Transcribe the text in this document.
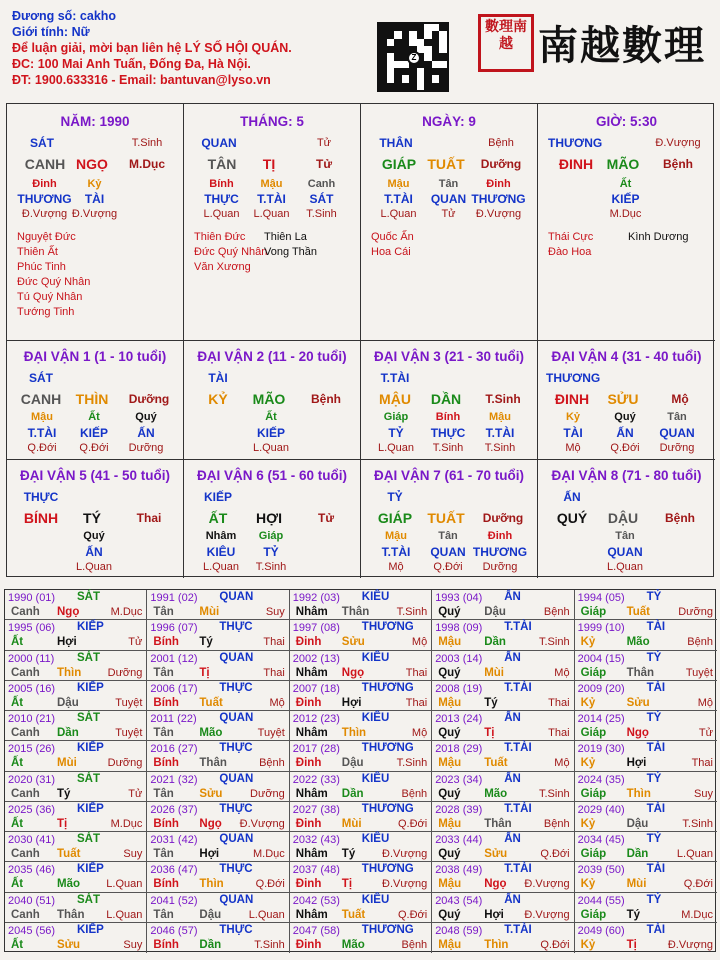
Đương số: cakho
Giới tính: Nữ
Để luận giải, mời bạn liên hệ LÝ SỐ HỘI QUÁN.
ĐC: 100 Mai Anh Tuấn, Đống Đa, Hà Nội.
ĐT: 1900.633316 - Email: bantuvan@lyso.vn
Z
數理南越 南越數理
NĂM: 1990
SÁT	T.Sinh
CANH NGỌ	M.Dục
Đinh
THƯƠNG
Đ.Vượng
Kỷ
TÀI
Đ.Vượng
Nguyệt Đức
Thiên Ất
Phúc Tinh
Đức Quý Nhân
Tú Quý Nhân
Tướng Tinh
THÁNG: 5
QUAN	Tử
TÂN	TỊ	Tử
Bính
THỰC
L.Quan
Mậu
T.TÀI
L.Quan
Canh
SÁT
T.Sinh
Thiên Đức
Đức Quý Nhân
Văn Xương
Thiên La
Vong Thần
NGÀY: 9
THÂN	Bệnh
GIÁP TUẤT	Dưỡng
Mậu
T.TÀI
L.Quan
Tân
QUAN
Tử
Đinh
THƯƠNG
Đ.Vượng
Quốc Ấn
Hoa Cái
GIỜ: 5:30
THƯƠNG	Đ.Vượng
ĐINH MÃO	Bệnh
Ất
KIẾP
M.Dục
Thái Cực
Đào Hoa
Kình Dương
ĐẠI VẬN 1 (1 - 10 tuổi)
SÁT
CANH	THÌN	Dưỡng
Mậu
T.TÀI
Q.Đới
Ất
KIẾP
Q.Đới
Quý
ẤN
Dưỡng
ĐẠI VẬN 2 (11 - 20 tuổi)
TÀI
KỶ	MÃO	Bệnh
Ất
KIẾP
L.Quan
ĐẠI VẬN 3 (21 - 30 tuổi)
T.TÀI
MẬU	DẦN	T.Sinh
Giáp
TỶ
L.Quan
Bính
THỰC
T.Sinh
Mậu
T.TÀI
T.Sinh
ĐẠI VẬN 4 (31 - 40 tuổi)
THƯƠNG
ĐINH	SỬU	Mộ
Kỷ
TÀI
Mộ
Quý
ẤN
Q.Đới
Tân
QUAN
Dưỡng
ĐẠI VẬN 5 (41 - 50 tuổi)
THỰC
BÍNH	TÝ	Thai
Quý
ẤN
L.Quan
ĐẠI VẬN 6 (51 - 60 tuổi)
KIẾP
ẤT	HỢI	Tử
Nhâm
KIÊU
L.Quan
Giáp
TỶ
T.Sinh
ĐẠI VẬN 7 (61 - 70 tuổi)
TỶ
GIÁP	TUẤT	Dưỡng
Mậu
T.TÀI
Mộ
Tân
QUAN
Q.Đới
Đinh
THƯƠNG
Dưỡng
ĐẠI VẬN 8 (71 - 80 tuổi)
ẤN
QUÝ	DẬU	Bệnh
Tân
QUAN
L.Quan
1990 (01) SÁT
Canh Ngọ	M.Dục
1991 (02) QUAN
Tân Mùi	Suy
1992 (03) KIÊU
Nhâm Thân T.Sinh
1993 (04) ẤN
Quý Dậu	Bệnh
1994 (05) TỶ
Giáp Tuất	Dưỡng
1995 (06) KIẾP
Ất	Hợi	Tử
1996 (07) THỰC
Bính Tý	Thai
1997 (08) THƯƠNG
Đinh Sửu	Mộ
1998 (09) T.TÀI
Mậu Dần	T.Sinh
1999 (10) TÀI
Kỷ	Mão	Bệnh
2000 (11) SÁT
Canh Thìn Dưỡng
2001 (12) QUAN
Tân Tị	Thai
2002 (13) KIÊU
Nhâm Ngọ	Thai
2003 (14) ẤN
Quý Mùi	Mộ
2004 (15) TỶ
Giáp Thân	Tuyệt
2005 (16) KIẾP
Ất	Dậu	Tuyệt
2006 (17) THỰC
Bính Tuất	Mộ
2007 (18) THƯƠNG
Đinh Hợi	Thai
2008 (19) T.TÀI
Mậu Tý	Thai
2009 (20) TÀI
Kỷ	Sửu	Mộ
2010 (21) SÁT
Canh Dần	Tuyệt
2011 (22) QUAN
Tân Mão	Tuyệt
2012 (23) KIÊU
Nhâm Thìn	Mộ
2013 (24) ẤN
Quý Tị	Thai
2014 (25) TỶ
Giáp Ngọ	Tử
2015 (26) KIẾP
Ất	Mùi	Dưỡng
2016 (27) THỰC
Bính Thân	Bệnh
2017 (28) THƯƠNG
Đinh Dậu	T.Sinh
2018 (29) T.TÀI
Mậu Tuất	Mộ
2019 (30) TÀI
Kỷ	Hợi	Thai
2020 (31) SÁT
Canh Tý	Tử
2021 (32) QUAN
Tân Sửu	Dưỡng
2022 (33) KIÊU
Nhâm Dần	Bệnh
2023 (34) ẤN
Quý Mão	T.Sinh
2024 (35) TỶ
Giáp Thìn	Suy
2025 (36) KIẾP
Ất	Tị	M.Dục
2026 (37) THỰC
Bính Ngọ Đ.Vượng
2027 (38) THƯƠNG
Đinh Mùi	Q.Đới
2028 (39) T.TÀI
Mậu Thân	Bệnh
2029 (40) TÀI
Kỷ	Dậu	T.Sinh
2030 (41) SÁT
Canh Tuất	Suy
2031 (42) QUAN
Tân Hợi	M.Dục
2032 (43) KIÊU
Nhâm Tý Đ.Vượng
2033 (44) ẤN
Quý Sửu	Q.Đới
2034 (45) TỶ
Giáp Dần	L.Quan
2035 (46) KIẾP
Ất	Mão L.Quan
2036 (47) THỰC
Bính Thìn	Q.Đới
2037 (48) THƯƠNG
Đinh Tị	Đ.Vượng
2038 (49) T.TÀI
Mậu Ngọ Đ.Vượng
2039 (50) TÀI
Kỷ	Mùi	Q.Đới
2040 (51) SÁT
Canh Thân L.Quan
2041 (52) QUAN
Tân Dậu	L.Quan
2042 (53) KIÊU
Nhâm Tuất	Q.Đới
2043 (54) ẤN
Quý Hợi Đ.Vượng
2044 (55) TỶ
Giáp Tý	M.Dục
2045 (56) KIẾP
Ất	Sửu	Suy
2046 (57) THỰC
Bính Dần	T.Sinh
2047 (58) THƯƠNG
Đinh Mão	Bệnh
2048 (59) T.TÀI
Mậu Thìn	Q.Đới
2049 (60) TÀI
Kỷ	Tị	Đ.Vượng
